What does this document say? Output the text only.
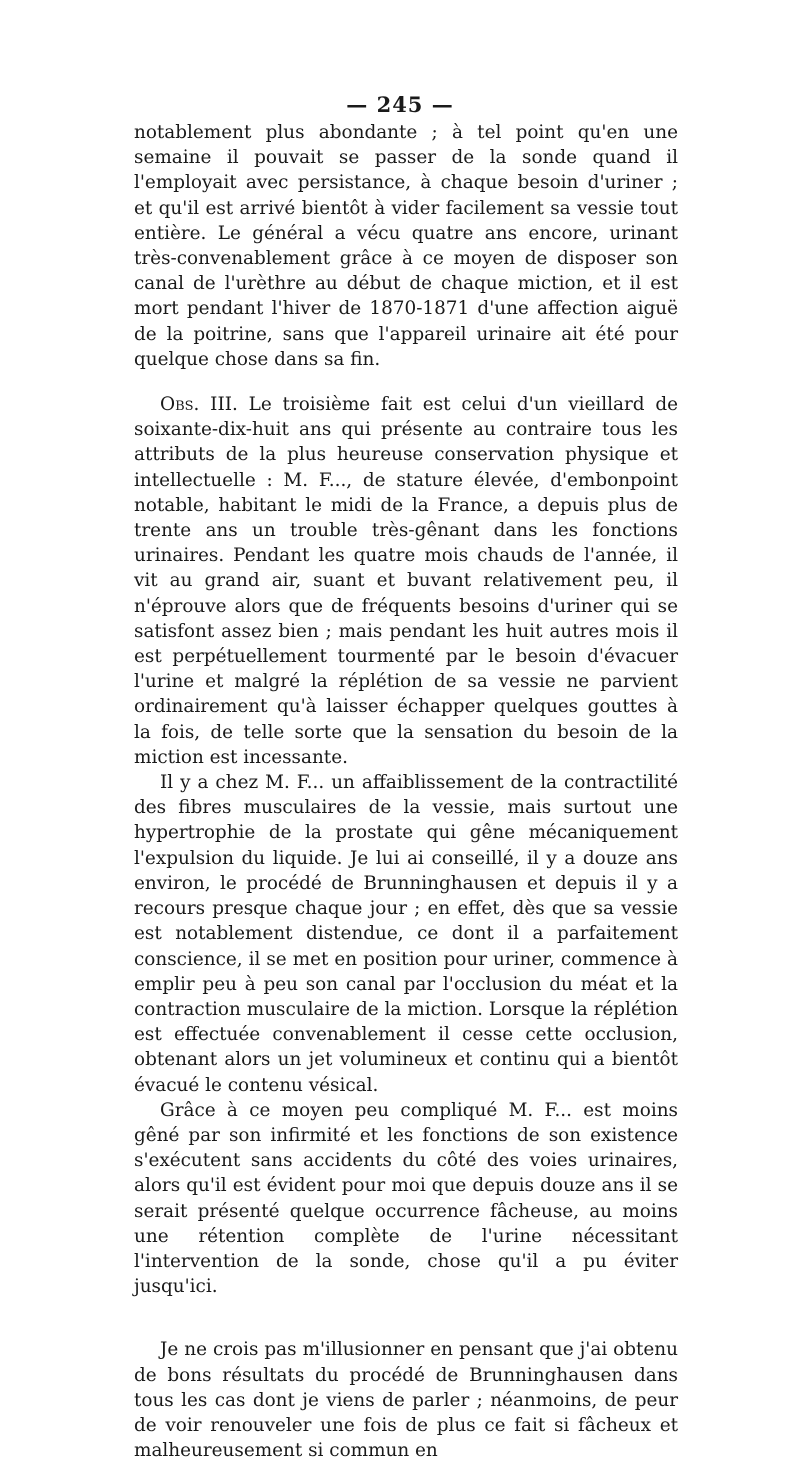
— 245 —

notablement plus abondante ; à tel point qu'en une semaine il pouvait se passer de la sonde quand il l'employait avec persistance, à chaque besoin d'uriner ; et qu'il est arrivé bientôt à vider facilement sa vessie tout entière. Le général a vécu quatre ans encore, urinant très-convenablement grâce à ce moyen de disposer son canal de l'urèthre au début de chaque miction, et il est mort pendant l'hiver de 1870-1871 d'une affection aiguë de la poitrine, sans que l'appareil urinaire ait été pour quelque chose dans sa fin.

Obs. III. Le troisième fait est celui d'un vieillard de soixante-dix-huit ans qui présente au contraire tous les attributs de la plus heureuse conservation physique et intellectuelle : M. F..., de stature élevée, d'embonpoint notable, habitant le midi de la France, a depuis plus de trente ans un trouble très-gênant dans les fonctions urinaires. Pendant les quatre mois chauds de l'année, il vit au grand air, suant et buvant relativement peu, il n'éprouve alors que de fréquents besoins d'uriner qui se satisfont assez bien ; mais pendant les huit autres mois il est perpétuellement tourmenté par le besoin d'évacuer l'urine et malgré la réplétion de sa vessie ne parvient ordinairement qu'à laisser échapper quelques gouttes à la fois, de telle sorte que la sensation du besoin de la miction est incessante.

Il y a chez M. F... un affaiblissement de la contractilité des fibres musculaires de la vessie, mais surtout une hypertrophie de la prostate qui gêne mécaniquement l'expulsion du liquide. Je lui ai conseillé, il y a douze ans environ, le procédé de Brunninghausen et depuis il y a recours presque chaque jour ; en effet, dès que sa vessie est notablement distendue, ce dont il a parfaitement conscience, il se met en position pour uriner, commence à emplir peu à peu son canal par l'occlusion du méat et la contraction musculaire de la miction. Lorsque la réplétion est effectuée convenablement il cesse cette occlusion, obtenant alors un jet volumineux et continu qui a bientôt évacué le contenu vésical.

Grâce à ce moyen peu compliqué M. F... est moins gêné par son infirmité et les fonctions de son existence s'exécutent sans accidents du côté des voies urinaires, alors qu'il est évident pour moi que depuis douze ans il se serait présenté quelque occurrence fâcheuse, au moins une rétention complète de l'urine nécessitant l'intervention de la sonde, chose qu'il a pu éviter jusqu'ici.

Je ne crois pas m'illusionner en pensant que j'ai obtenu de bons résultats du procédé de Brunninghausen dans tous les cas dont je viens de parler ; néanmoins, de peur de voir renouveler une fois de plus ce fait si fâcheux et malheureusement si commun en
